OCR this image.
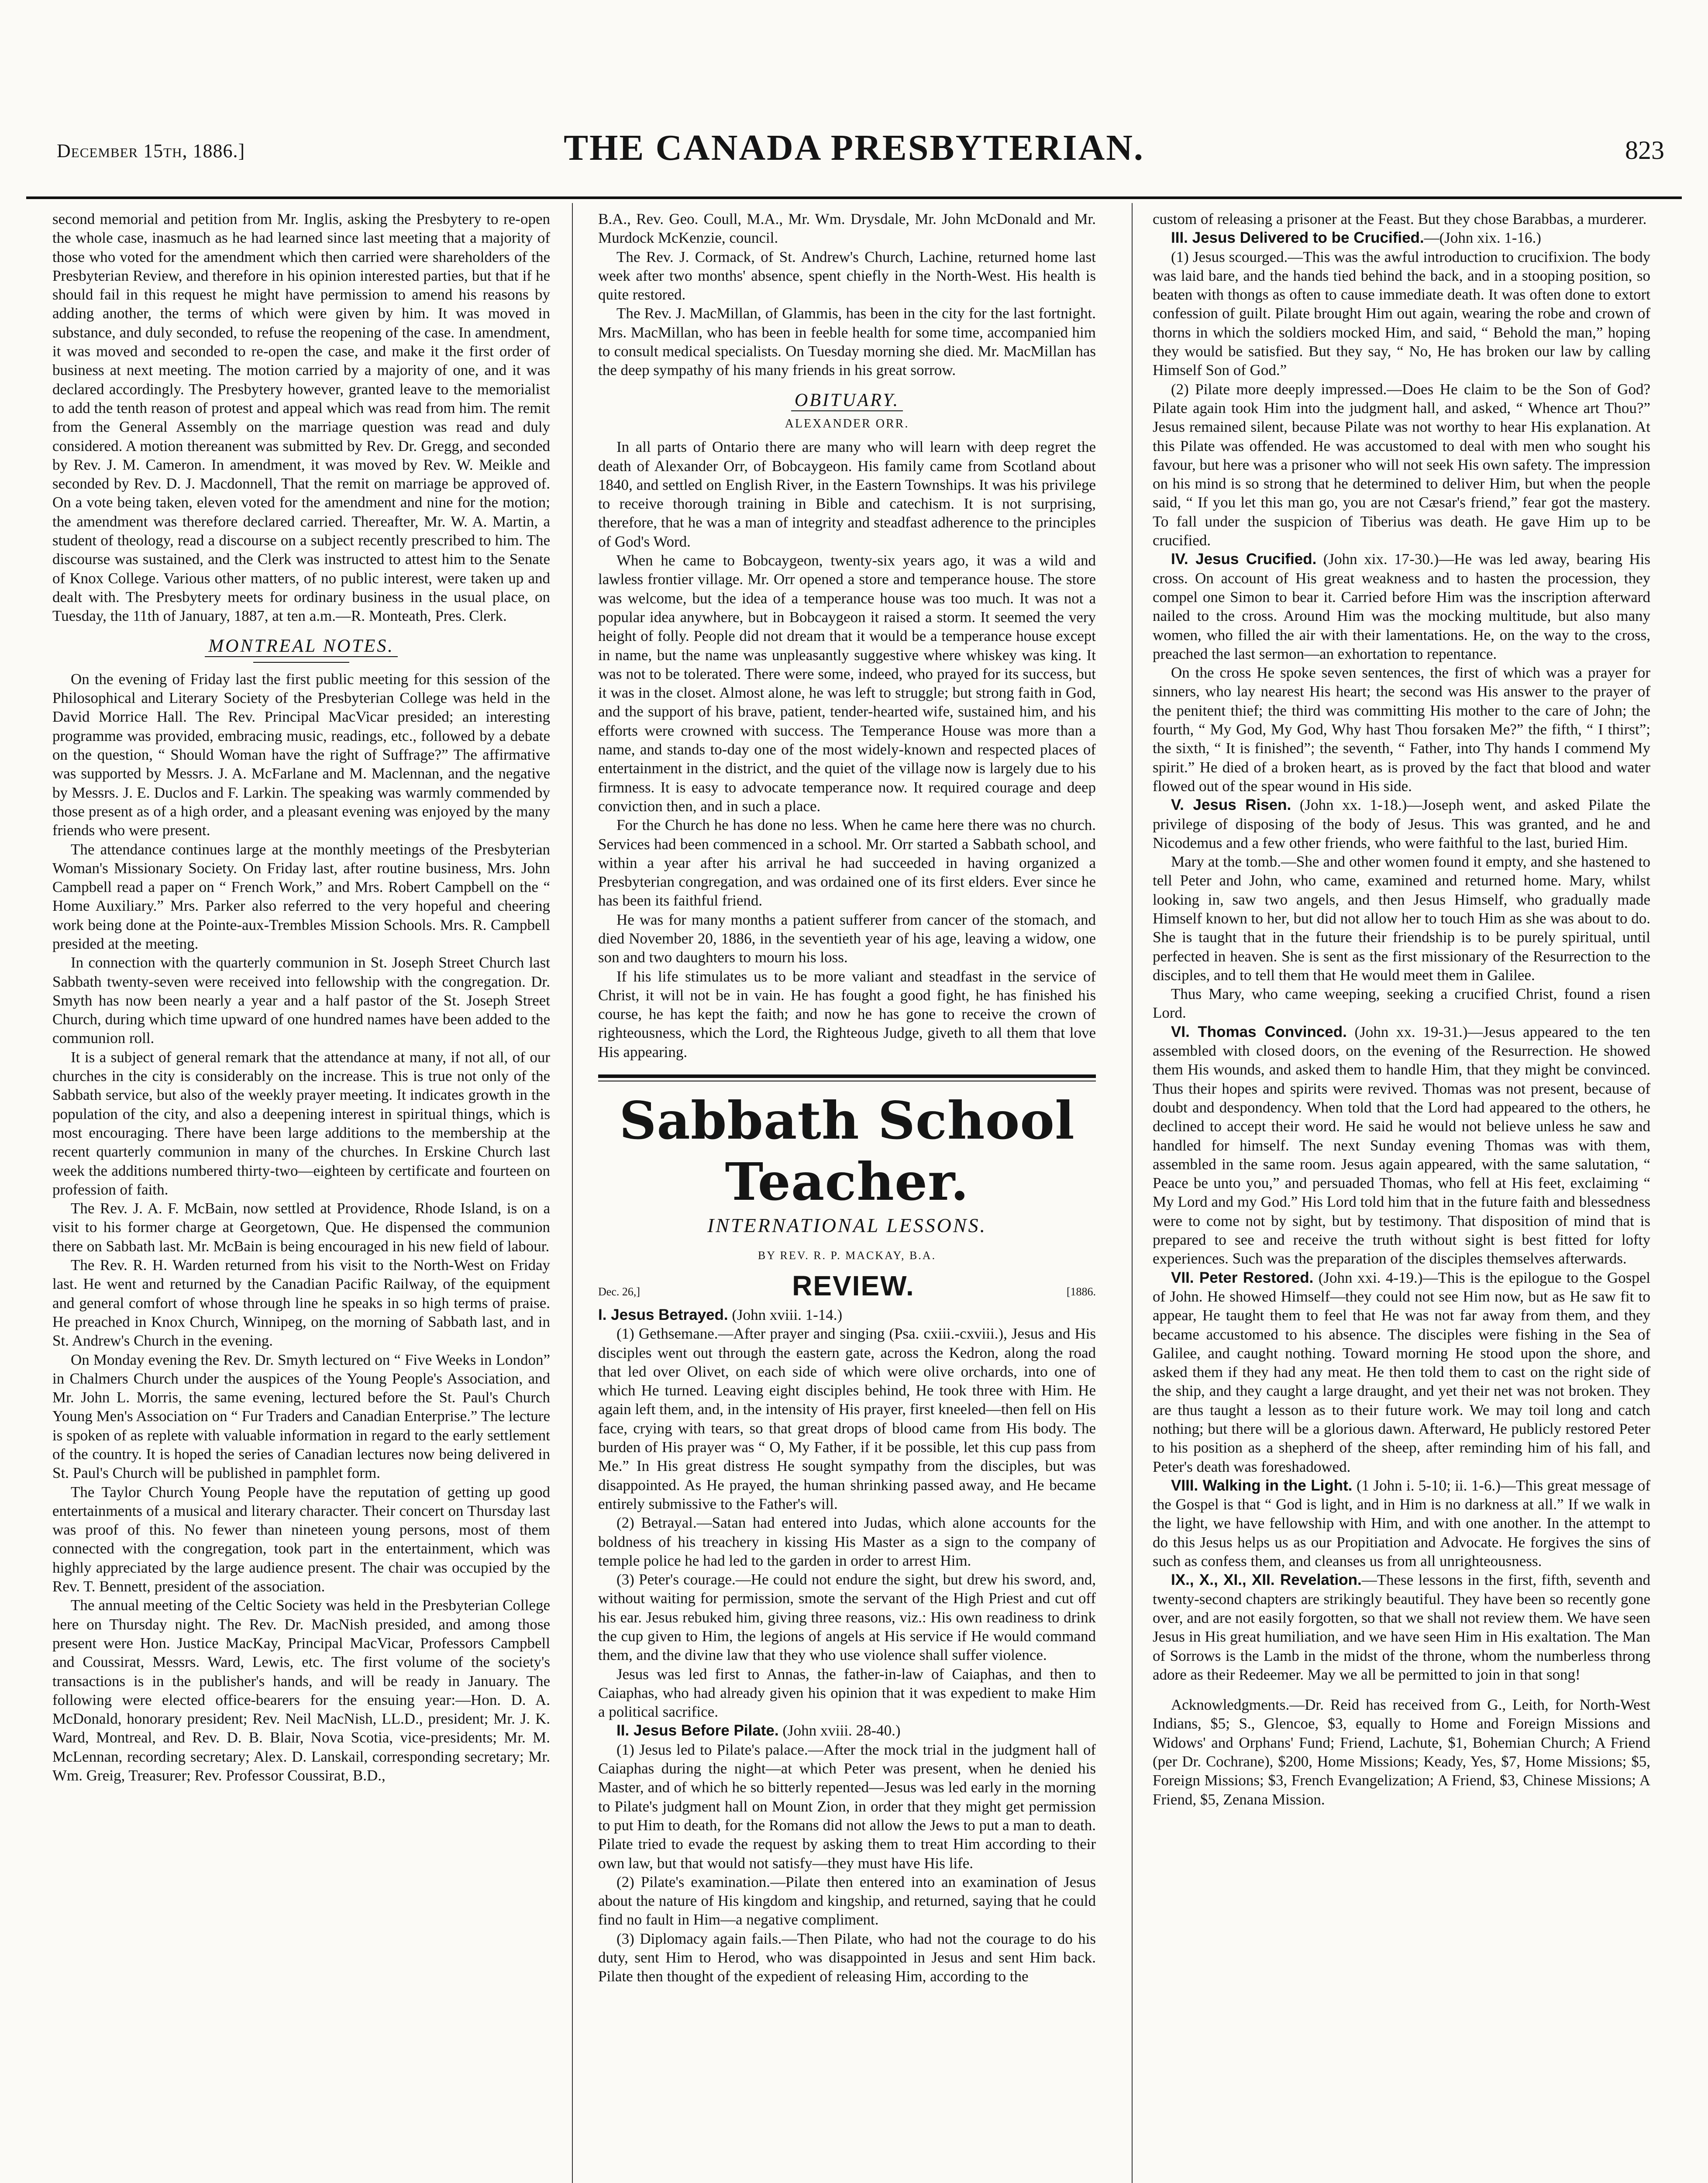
December 15th, 1886.]	THE CANADA PRESBYTERIAN.	823

second memorial and petition from Mr. Inglis, asking the Presbytery to re-open the whole case, inasmuch as he had learned since last meeting that a majority of those who voted for the amendment which then carried were shareholders of the Presbyterian Review, and therefore in his opinion interested parties, but that if he should fail in this request he might have permission to amend his reasons by adding another, the terms of which were given by him. It was moved in substance, and duly seconded, to refuse the reopening of the case. In amendment, it was moved and seconded to re-open the case, and make it the first order of business at next meeting. The motion carried by a majority of one, and it was declared accordingly. The Presbytery however, granted leave to the memorialist to add the tenth reason of protest and appeal which was read from him. The remit from the General Assembly on the marriage question was read and duly considered. A motion thereanent was submitted by Rev. Dr. Gregg, and seconded by Rev. J. M. Cameron. In amendment, it was moved by Rev. W. Meikle and seconded by Rev. D. J. Macdonnell, That the remit on marriage be approved of. On a vote being taken, eleven voted for the amendment and nine for the motion; the amendment was therefore declared carried. Thereafter, Mr. W. A. Martin, a student of theology, read a discourse on a subject recently prescribed to him. The discourse was sustained, and the Clerk was instructed to attest him to the Senate of Knox College. Various other matters, of no public interest, were taken up and dealt with. The Presbytery meets for ordinary business in the usual place, on Tuesday, the 11th of January, 1887, at ten a.m.—R. Monteath, Pres. Clerk.

MONTREAL NOTES.

On the evening of Friday last the first public meeting for this session of the Philosophical and Literary Society of the Presbyterian College was held in the David Morrice Hall. The Rev. Principal MacVicar presided; an interesting programme was provided, embracing music, readings, etc., followed by a debate on the question, “ Should Woman have the right of Suffrage?” The affirmative was supported by Messrs. J. A. McFarlane and M. Maclennan, and the negative by Messrs. J. E. Duclos and F. Larkin. The speaking was warmly commended by those present as of a high order, and a pleasant evening was enjoyed by the many friends who were present.

The attendance continues large at the monthly meetings of the Presbyterian Woman's Missionary Society. On Friday last, after routine business, Mrs. John Campbell read a paper on “ French Work,” and Mrs. Robert Campbell on the “ Home Auxiliary.” Mrs. Parker also referred to the very hopeful and cheering work being done at the Pointe-aux-Trembles Mission Schools. Mrs. R. Campbell presided at the meeting.

In connection with the quarterly communion in St. Joseph Street Church last Sabbath twenty-seven were received into fellowship with the congregation. Dr. Smyth has now been nearly a year and a half pastor of the St. Joseph Street Church, during which time upward of one hundred names have been added to the communion roll.

It is a subject of general remark that the attendance at many, if not all, of our churches in the city is considerably on the increase. This is true not only of the Sabbath service, but also of the weekly prayer meeting. It indicates growth in the population of the city, and also a deepening interest in spiritual things, which is most encouraging. There have been large additions to the membership at the recent quarterly communion in many of the churches. In Erskine Church last week the additions numbered thirty-two—eighteen by certificate and fourteen on profession of faith.

The Rev. J. A. F. McBain, now settled at Providence, Rhode Island, is on a visit to his former charge at Georgetown, Que. He dispensed the communion there on Sabbath last. Mr. McBain is being encouraged in his new field of labour.

The Rev. R. H. Warden returned from his visit to the North-West on Friday last. He went and returned by the Canadian Pacific Railway, of the equipment and general comfort of whose through line he speaks in so high terms of praise. He preached in Knox Church, Winnipeg, on the morning of Sabbath last, and in St. Andrew's Church in the evening.

On Monday evening the Rev. Dr. Smyth lectured on “ Five Weeks in London” in Chalmers Church under the auspices of the Young People's Association, and Mr. John L. Morris, the same evening, lectured before the St. Paul's Church Young Men's Association on “ Fur Traders and Canadian Enterprise.” The lecture is spoken of as replete with valuable information in regard to the early settlement of the country. It is hoped the series of Canadian lectures now being delivered in St. Paul's Church will be published in pamphlet form.

The Taylor Church Young People have the reputation of getting up good entertainments of a musical and literary character. Their concert on Thursday last was proof of this. No fewer than nineteen young persons, most of them connected with the congregation, took part in the entertainment, which was highly appreciated by the large audience present. The chair was occupied by the Rev. T. Bennett, president of the association.

The annual meeting of the Celtic Society was held in the Presbyterian College here on Thursday night. The Rev. Dr. MacNish presided, and among those present were Hon. Justice MacKay, Principal MacVicar, Professors Campbell and Coussirat, Messrs. Ward, Lewis, etc. The first volume of the society's transactions is in the publisher's hands, and will be ready in January. The following were elected office-bearers for the ensuing year:—Hon. D. A. McDonald, honorary president; Rev. Neil MacNish, LL.D., president; Mr. J. K. Ward, Montreal, and Rev. D. B. Blair, Nova Scotia, vice-presidents; Mr. M. McLennan, recording secretary; Alex. D. Lanskail, corresponding secretary; Mr. Wm. Greig, Treasurer; Rev. Professor Coussirat, B.D.,

B.A., Rev. Geo. Coull, M.A., Mr. Wm. Drysdale, Mr. John McDonald and Mr. Murdock McKenzie, council.

The Rev. J. Cormack, of St. Andrew's Church, Lachine, returned home last week after two months' absence, spent chiefly in the North-West. His health is quite restored.

The Rev. J. MacMillan, of Glammis, has been in the city for the last fortnight. Mrs. MacMillan, who has been in feeble health for some time, accompanied him to consult medical specialists. On Tuesday morning she died. Mr. MacMillan has the deep sympathy of his many friends in his great sorrow.

OBITUARY.
ALEXANDER ORR.

In all parts of Ontario there are many who will learn with deep regret the death of Alexander Orr, of Bobcaygeon. His family came from Scotland about 1840, and settled on English River, in the Eastern Townships. It was his privilege to receive thorough training in Bible and catechism. It is not surprising, therefore, that he was a man of integrity and steadfast adherence to the principles of God's Word.

When he came to Bobcaygeon, twenty-six years ago, it was a wild and lawless frontier village. Mr. Orr opened a store and temperance house. The store was welcome, but the idea of a temperance house was too much. It was not a popular idea anywhere, but in Bobcaygeon it raised a storm. It seemed the very height of folly. People did not dream that it would be a temperance house except in name, but the name was unpleasantly suggestive where whiskey was king. It was not to be tolerated. There were some, indeed, who prayed for its success, but it was in the closet. Almost alone, he was left to struggle; but strong faith in God, and the support of his brave, patient, tender-hearted wife, sustained him, and his efforts were crowned with success. The Temperance House was more than a name, and stands to-day one of the most widely-known and respected places of entertainment in the district, and the quiet of the village now is largely due to his firmness. It is easy to advocate temperance now. It required courage and deep conviction then, and in such a place.

For the Church he has done no less. When he came here there was no church. Services had been commenced in a school. Mr. Orr started a Sabbath school, and within a year after his arrival he had succeeded in having organized a Presbyterian congregation, and was ordained one of its first elders. Ever since he has been its faithful friend.

He was for many months a patient sufferer from cancer of the stomach, and died November 20, 1886, in the seventieth year of his age, leaving a widow, one son and two daughters to mourn his loss.

If his life stimulates us to be more valiant and steadfast in the service of Christ, it will not be in vain. He has fought a good fight, he has finished his course, he has kept the faith; and now he has gone to receive the crown of righteousness, which the Lord, the Righteous Judge, giveth to all them that love His appearing.

Sabbath School Teacher.
INTERNATIONAL LESSONS.
BY REV. R. P. MACKAY, B.A.
Dec. 26,]	REVIEW.	[1886.

I. Jesus Betrayed. (John xviii. 1-14.)

(1) Gethsemane.—After prayer and singing (Psa. cxiii.-cxviii.), Jesus and His disciples went out through the eastern gate, across the Kedron, along the road that led over Olivet, on each side of which were olive orchards, into one of which He turned. Leaving eight disciples behind, He took three with Him. He again left them, and, in the intensity of His prayer, first kneeled—then fell on His face, crying with tears, so that great drops of blood came from His body. The burden of His prayer was “ O, My Father, if it be possible, let this cup pass from Me.” In His great distress He sought sympathy from the disciples, but was disappointed. As He prayed, the human shrinking passed away, and He became entirely submissive to the Father's will.

(2) Betrayal.—Satan had entered into Judas, which alone accounts for the boldness of his treachery in kissing His Master as a sign to the company of temple police he had led to the garden in order to arrest Him.

(3) Peter's courage.—He could not endure the sight, but drew his sword, and, without waiting for permission, smote the servant of the High Priest and cut off his ear. Jesus rebuked him, giving three reasons, viz.: His own readiness to drink the cup given to Him, the legions of angels at His service if He would command them, and the divine law that they who use violence shall suffer violence.

Jesus was led first to Annas, the father-in-law of Caiaphas, and then to Caiaphas, who had already given his opinion that it was expedient to make Him a political sacrifice.

II. Jesus Before Pilate. (John xviii. 28-40.)

(1) Jesus led to Pilate's palace.—After the mock trial in the judgment hall of Caiaphas during the night—at which Peter was present, when he denied his Master, and of which he so bitterly repented—Jesus was led early in the morning to Pilate's judgment hall on Mount Zion, in order that they might get permission to put Him to death, for the Romans did not allow the Jews to put a man to death. Pilate tried to evade the request by asking them to treat Him according to their own law, but that would not satisfy—they must have His life.

(2) Pilate's examination.—Pilate then entered into an examination of Jesus about the nature of His kingdom and kingship, and returned, saying that he could find no fault in Him—a negative compliment.

(3) Diplomacy again fails.—Then Pilate, who had not the courage to do his duty, sent Him to Herod, who was disappointed in Jesus and sent Him back. Pilate then thought of the expedient of releasing Him, according to the

custom of releasing a prisoner at the Feast. But they chose Barabbas, a murderer.

III. Jesus Delivered to be Crucified.—(John xix. 1-16.)

(1) Jesus scourged.—This was the awful introduction to crucifixion. The body was laid bare, and the hands tied behind the back, and in a stooping position, so beaten with thongs as often to cause immediate death. It was often done to extort confession of guilt. Pilate brought Him out again, wearing the robe and crown of thorns in which the soldiers mocked Him, and said, “ Behold the man,” hoping they would be satisfied. But they say, “ No, He has broken our law by calling Himself Son of God.”

(2) Pilate more deeply impressed.—Does He claim to be the Son of God? Pilate again took Him into the judgment hall, and asked, “ Whence art Thou?” Jesus remained silent, because Pilate was not worthy to hear His explanation. At this Pilate was offended. He was accustomed to deal with men who sought his favour, but here was a prisoner who will not seek His own safety. The impression on his mind is so strong that he determined to deliver Him, but when the people said, “ If you let this man go, you are not Cæsar's friend,” fear got the mastery. To fall under the suspicion of Tiberius was death. He gave Him up to be crucified.

IV. Jesus Crucified. (John xix. 17-30.)—He was led away, bearing His cross. On account of His great weakness and to hasten the procession, they compel one Simon to bear it. Carried before Him was the inscription afterward nailed to the cross. Around Him was the mocking multitude, but also many women, who filled the air with their lamentations. He, on the way to the cross, preached the last sermon—an exhortation to repentance.

On the cross He spoke seven sentences, the first of which was a prayer for sinners, who lay nearest His heart; the second was His answer to the prayer of the penitent thief; the third was committing His mother to the care of John; the fourth, “ My God, My God, Why hast Thou forsaken Me?” the fifth, “ I thirst”; the sixth, “ It is finished”; the seventh, “ Father, into Thy hands I commend My spirit.” He died of a broken heart, as is proved by the fact that blood and water flowed out of the spear wound in His side.

V. Jesus Risen. (John xx. 1-18.)—Joseph went, and asked Pilate the privilege of disposing of the body of Jesus. This was granted, and he and Nicodemus and a few other friends, who were faithful to the last, buried Him.

Mary at the tomb.—She and other women found it empty, and she hastened to tell Peter and John, who came, examined and returned home. Mary, whilst looking in, saw two angels, and then Jesus Himself, who gradually made Himself known to her, but did not allow her to touch Him as she was about to do. She is taught that in the future their friendship is to be purely spiritual, until perfected in heaven. She is sent as the first missionary of the Resurrection to the disciples, and to tell them that He would meet them in Galilee.

Thus Mary, who came weeping, seeking a crucified Christ, found a risen Lord.

VI. Thomas Convinced. (John xx. 19-31.)—Jesus appeared to the ten assembled with closed doors, on the evening of the Resurrection. He showed them His wounds, and asked them to handle Him, that they might be convinced. Thus their hopes and spirits were revived. Thomas was not present, because of doubt and despondency. When told that the Lord had appeared to the others, he declined to accept their word. He said he would not believe unless he saw and handled for himself. The next Sunday evening Thomas was with them, assembled in the same room. Jesus again appeared, with the same salutation, “ Peace be unto you,” and persuaded Thomas, who fell at His feet, exclaiming “ My Lord and my God.” His Lord told him that in the future faith and blessedness were to come not by sight, but by testimony. That disposition of mind that is prepared to see and receive the truth without sight is best fitted for lofty experiences. Such was the preparation of the disciples themselves afterwards.

VII. Peter Restored. (John xxi. 4-19.)—This is the epilogue to the Gospel of John. He showed Himself—they could not see Him now, but as He saw fit to appear, He taught them to feel that He was not far away from them, and they became accustomed to his absence. The disciples were fishing in the Sea of Galilee, and caught nothing. Toward morning He stood upon the shore, and asked them if they had any meat. He then told them to cast on the right side of the ship, and they caught a large draught, and yet their net was not broken. They are thus taught a lesson as to their future work. We may toil long and catch nothing; but there will be a glorious dawn. Afterward, He publicly restored Peter to his position as a shepherd of the sheep, after reminding him of his fall, and Peter's death was foreshadowed.

VIII. Walking in the Light. (1 John i. 5-10; ii. 1-6.)—This great message of the Gospel is that “ God is light, and in Him is no darkness at all.” If we walk in the light, we have fellowship with Him, and with one another. In the attempt to do this Jesus helps us as our Propitiation and Advocate. He forgives the sins of such as confess them, and cleanses us from all unrighteousness.

IX., X., XI., XII. Revelation.—These lessons in the first, fifth, seventh and twenty-second chapters are strikingly beautiful. They have been so recently gone over, and are not easily forgotten, so that we shall not review them. We have seen Jesus in His great humiliation, and we have seen Him in His exaltation. The Man of Sorrows is the Lamb in the midst of the throne, whom the numberless throng adore as their Redeemer. May we all be permitted to join in that song!

Acknowledgments.—Dr. Reid has received from G., Leith, for North-West Indians, $5; S., Glencoe, $3, equally to Home and Foreign Missions and Widows' and Orphans' Fund; Friend, Lachute, $1, Bohemian Church; A Friend (per Dr. Cochrane), $200, Home Missions; Keady, Yes, $7, Home Missions; $5, Foreign Missions; $3, French Evangelization; A Friend, $3, Chinese Missions; A Friend, $5, Zenana Mission.
